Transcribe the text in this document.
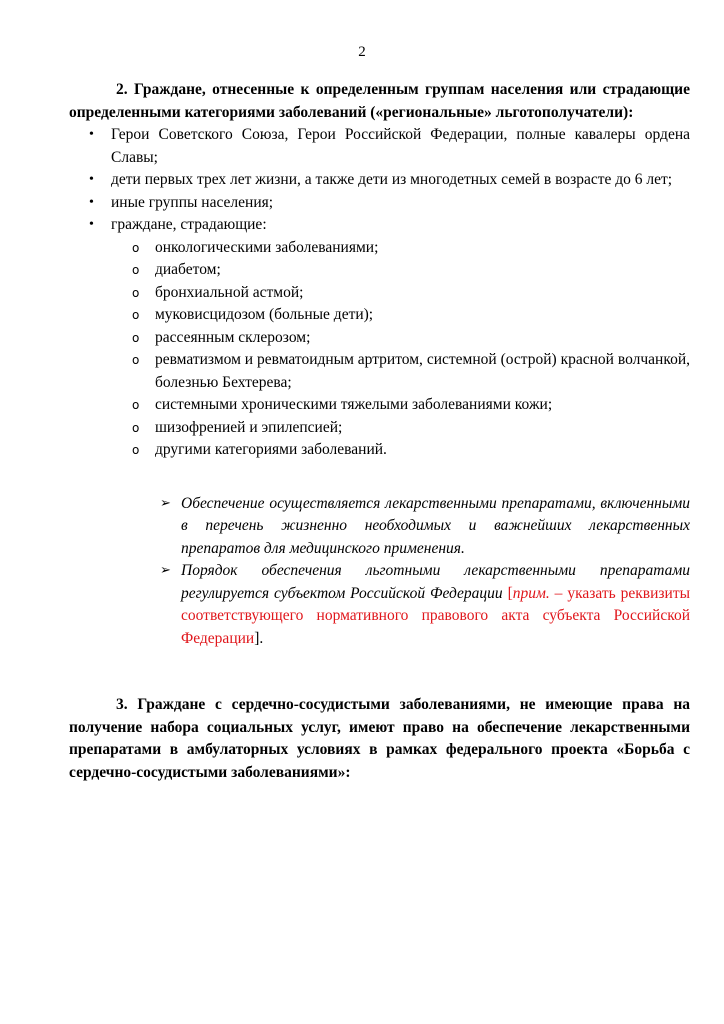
2

2. Граждане, отнесенные к определенным группам населения или страдающие определенными категориями заболеваний («региональные» льготополучатели):

• Герои Советского Союза, Герои Российской Федерации, полные кавалеры ордена Славы;
• дети первых трех лет жизни, а также дети из многодетных семей в возрасте до 6 лет;
• иные группы населения;
• граждане, страдающие:
o онкологическими заболеваниями;
o диабетом;
o бронхиальной астмой;
o муковисцидозом (больные дети);
o рассеянным склерозом;
o ревматизмом и ревматоидным артритом, системной (острой) красной волчанкой, болезнью Бехтерева;
o системными хроническими тяжелыми заболеваниями кожи;
o шизофренией и эпилепсией;
o другими категориями заболеваний.
➢ Обеспечение осуществляется лекарственными препаратами, включенными в перечень жизненно необходимых и важнейших лекарственных препаратов для медицинского применения.
➢ Порядок обеспечения льготными лекарственными препаратами регулируется субъектом Российской Федерации [прим. – указать реквизиты соответствующего нормативного правового акта субъекта Российской Федерации].

3. Граждане с сердечно-сосудистыми заболеваниями, не имеющие права на получение набора социальных услуг, имеют право на обеспечение лекарственными препаратами в амбулаторных условиях в рамках федерального проекта «Борьба с сердечно-сосудистыми заболеваниями»:
